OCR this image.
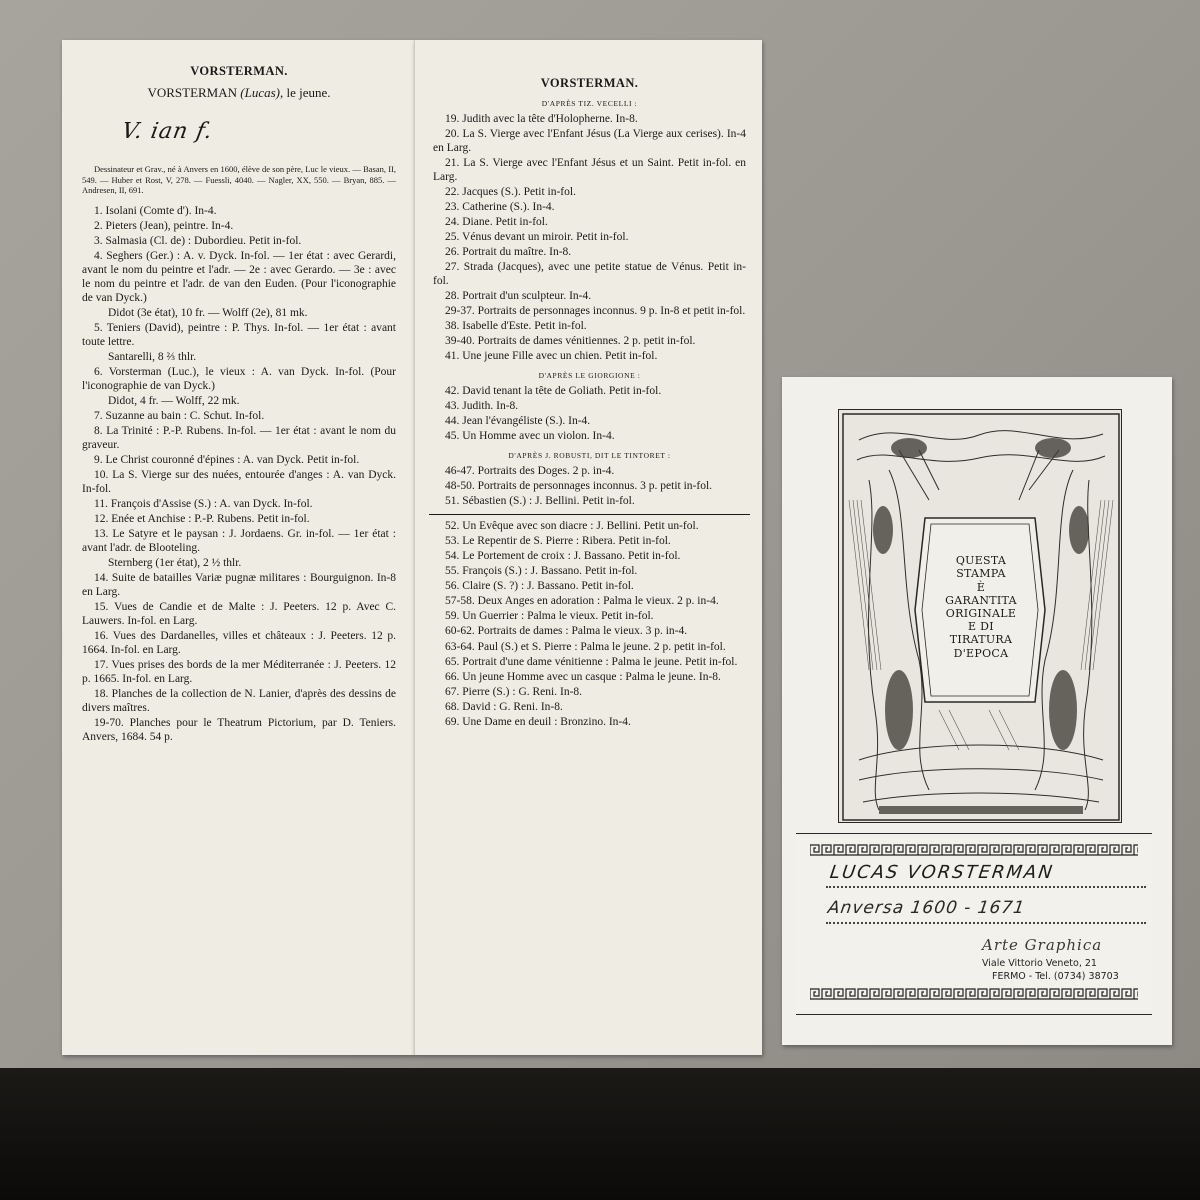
VORSTERMAN.
VORSTERMAN (Lucas), le jeune.
V. ian f.
Dessinateur et Grav., né à Anvers en 1600, élève de son père, Luc le vieux. — Basan, II, 549. — Huber et Rost, V, 278. — Fuessli, 4040. — Nagler, XX, 550. — Bryan, 885. — Andresen, II, 691.
1. Isolani (Comte d'). In-4.
2. Pieters (Jean), peintre. In-4.
3. Salmasia (Cl. de) : Dubordieu. Petit in-fol.
4. Seghers (Ger.) : A. v. Dyck. In-fol. — 1er état : avec Gerardi, avant le nom du peintre et l'adr. — 2e : avec Gerardo. — 3e : avec le nom du peintre et l'adr. de van den Euden. (Pour l'iconographie de van Dyck.)
Didot (3e état), 10 fr. — Wolff (2e), 81 mk.
5. Teniers (David), peintre : P. Thys. In-fol. — 1er état : avant toute lettre.
Santarelli, 8 ⅔ thlr.
6. Vorsterman (Luc.), le vieux : A. van Dyck. In-fol. (Pour l'iconographie de van Dyck.)
Didot, 4 fr. — Wolff, 22 mk.
7. Suzanne au bain : C. Schut. In-fol.
8. La Trinité : P.-P. Rubens. In-fol. — 1er état : avant le nom du graveur.
9. Le Christ couronné d'épines : A. van Dyck. Petit in-fol.
10. La S. Vierge sur des nuées, entourée d'anges : A. van Dyck. In-fol.
11. François d'Assise (S.) : A. van Dyck. In-fol.
12. Enée et Anchise : P.-P. Rubens. Petit in-fol.
13. Le Satyre et le paysan : J. Jordaens. Gr. in-fol. — 1er état : avant l'adr. de Blooteling.
Sternberg (1er état), 2 ½ thlr.
14. Suite de batailles Variæ pugnæ militares : Bourguignon. In-8 en Larg.
15. Vues de Candie et de Malte : J. Peeters. 12 p. Avec C. Lauwers. In-fol. en Larg.
16. Vues des Dardanelles, villes et châteaux : J. Peeters. 12 p. 1664. In-fol. en Larg.
17. Vues prises des bords de la mer Méditerranée : J. Peeters. 12 p. 1665. In-fol. en Larg.
18. Planches de la collection de N. Lanier, d'après des dessins de divers maîtres.
19-70. Planches pour le Theatrum Pictorium, par D. Teniers. Anvers, 1684. 54 p.
VORSTERMAN.
D'APRÈS TIZ. VECELLI :
19. Judith avec la tête d'Holopherne. In-8.
20. La S. Vierge avec l'Enfant Jésus (La Vierge aux cerises). In-4 en Larg.
21. La S. Vierge avec l'Enfant Jésus et un Saint. Petit in-fol. en Larg.
22. Jacques (S.). Petit in-fol.
23. Catherine (S.). In-4.
24. Diane. Petit in-fol.
25. Vénus devant un miroir. Petit in-fol.
26. Portrait du maître. In-8.
27. Strada (Jacques), avec une petite statue de Vénus. Petit in-fol.
28. Portrait d'un sculpteur. In-4.
29-37. Portraits de personnages inconnus. 9 p. In-8 et petit in-fol.
38. Isabelle d'Este. Petit in-fol.
39-40. Portraits de dames vénitiennes. 2 p. petit in-fol.
41. Une jeune Fille avec un chien. Petit in-fol.
D'APRÈS LE GIORGIONE :
42. David tenant la tête de Goliath. Petit in-fol.
43. Judith. In-8.
44. Jean l'évangéliste (S.). In-4.
45. Un Homme avec un violon. In-4.
D'APRÈS J. ROBUSTI, DIT LE TINTORET :
46-47. Portraits des Doges. 2 p. in-4.
48-50. Portraits de personnages inconnus. 3 p. petit in-fol.
51. Sébastien (S.) : J. Bellini. Petit in-fol.
52. Un Evêque avec son diacre : J. Bellini. Petit un-fol.
53. Le Repentir de S. Pierre : Ribera. Petit in-fol.
54. Le Portement de croix : J. Bassano. Petit in-fol.
55. François (S.) : J. Bassano. Petit in-fol.
56. Claire (S. ?) : J. Bassano. Petit in-fol.
57-58. Deux Anges en adoration : Palma le vieux. 2 p. in-4.
59. Un Guerrier : Palma le vieux. Petit in-fol.
60-62. Portraits de dames : Palma le vieux. 3 p. in-4.
63-64. Paul (S.) et S. Pierre : Palma le jeune. 2 p. petit in-fol.
65. Portrait d'une dame vénitienne : Palma le jeune. Petit in-fol.
66. Un jeune Homme avec un casque : Palma le jeune. In-8.
67. Pierre (S.) : G. Reni. In-8.
68. David : G. Reni. In-8.
69. Une Dame en deuil : Bronzino. In-4.
QUESTA
STAMPA
È
GARANTITA
ORIGINALE
E DI
TIRATURA
D'EPOCA
LUCAS VORSTERMAN
Anversa 1600 - 1671
Arte Graphica
Viale Vittorio Veneto, 21
FERMO - Tel. (0734) 38703
